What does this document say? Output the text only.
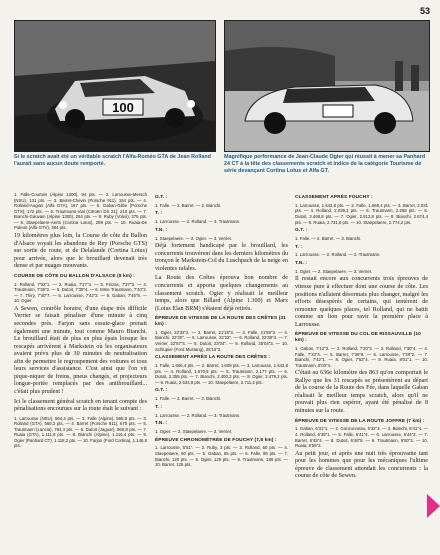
53
100
Si le scratch avait été un véritable scratch l'Alfa-Roméo GTA de Jean Rolland l'aurait sans aucun doute remporté.
Magnifique performance de Jean-Claude Ogier qui réussit à mener sa Panhard 24 CT à la tête des classements scratch et indice de la catégorie Tourisme de série devançant Cortina Lotus et Alfa GT.

1. Falle-Courtois (Alpine 1300), 94 pts. — 2. Larrousse-Mersch (NSU), 131 pts. — 3. Barret-Chevin (Porsche 911), 164 pts. — 4. Rolland-Augias (Alfa GTA), 167 pts. — 5. Gaban-Gilbe (Porsche GTS), 172 pts. — 6. Trautmann-Vial (Citroën DS 21), 210 pts. — 7. Bianchi-Gauvain (Alpine 1300), 264 pts. — 8. Ruby (Volvo), 275 pts. — 9. Staepelaere-Aerts (Cortina Lotus), 299 pts. — 10. Ruaia-De Poleon (Alfa GTV), 384 pts.

19 kilomètres plus loin, la Course de côte du Ballon d'Alsace voyait les abandons de Rey (Porsche GTS) sur sortie de route, et de Delalande (Cortina Lotus) pour arrivée, alors que le brouillard devenait très dense et par nuages mouvants.

COURSE DE CÔTE DU BALLON D'ALSACE (8 km) :

1. Rolland, 7'02"1. — 2. Ruaia, 7'27"4. — 3. Feizas, 7'37"3. — 4. Trautmann, 7'39"2. — 5. Dutoit, 7'39"4. — 6. Mme Trautmann, 7'40"2. — 7. Thiry, 7'40"7. — 8. Larrousse, 7'42"2. — 9. Gaban, 7'45"8. — 10. Ogier.

A Sewen, contrôle horaire, d'une étape très difficile Verrier se faisait pénaliser d'une minute à cinq secondes près. Farjon sans essuie-glace prenait également une minute, tout comme Mauro Bianchi. Le brouillard était de plus en plus épais lorsque les rescapés arrivèrent à Markstein où les organisateurs avaient prévu plus de 30 minutes de neutralisation afin de permettre le regroupement des voitures et tous leurs services d'assistance. C'est ainsi que l'on vit pique-niquer de freins, pneus changés, et projecteurs longue-portée remplacés par des antibrouillard... c'était plus prudent !

Ici le classement général scratch en tenant compte des pénalisations encourues sur la route était le suivant :

1. Larrousse (NSU), 564,4 pts. — 2. Falle (Alpine), 565,8 pts. — 3. Rolland (GTA), 569,2 pts. — 4. Barret (Porsche 911), 670 pts. — 5. Trautmann (Lancia), 784,4 pts. — 6. Dutoit (Jaguar), 960,8 pts. — 7. Ruaia (GTA), 1.111,8 pts. — 8. Bianchi (Alpine), 1.116,4 pts. — 9. Ogier (Panhard CT), 1.118,2 pts. — 10. Farjon (Ford Cortina), 1.146,8 pts.

G.T. :

1. Falle. — 2. Barret. — 3. Bianchi.

T. :

1. Larrousse. — 2. Rolland. — 3. Trautmann.

T.N. :

1. Staepelaere. — 2. Ogier. — 3. Verrier.

Déjà fortement handicapé par le brouillard, les concurrents trouvèrent dans les derniers kilomètres du tronçon le Markstein-Col du Luschpach de la neige en violentes rafales.

La Route des Crêtes éprouva bon nombre de concurrents et apporta quelques changements au classement scratch. Ogier y réalisait le meilleur temps, alors que Billard (Alpine 1.300) et Marx (Lotus Elan BRM) s'étaient déjà retirés.

ÉPREUVE DE VITESSE DE LA ROUTE DES CRÊTES (31 km) :

1. Ogier, 22'32"2. — 2. Barret, 21'18"3. — 3. Falle, 21'59"3. — 4. Bianchi, 22'20". — 5. Larrousse, 22'22". — 6. Rolland, 22'38"4. — 7. Verrier, 22'57"4. — 8. Dutoit, 23'04". — 9. Rolland, 25'04"3. — 10. Schlupier (Ford Mustang), 25'15"3.

CLASSEMENT APRÈS LA ROUTE DES CRÊTES :

1. Falle, 1.606,4 pts. — 2. Barret, 1.608 pts. — 3. Larrousse, 1.642,8 pts. — 4. Rolland, 1.670,8 pts. — 5. Trautmann, 2.177 pts. — 6. Dutoit, 2.355 pts. — 7. Bianchi, 2.400,2 pts. — 8. Ogier, 2.479,2 pts. — 9. Ruaia, 2.534,8 pts. — 10. Staepelaere, 2.711,2 pts.

G.T. :

1. Falle. — 2. Barret. — 3. Bianchi.

T. :

1. Larrousse. — 2. Rolland. — 3. Trautmann.

T.N. :

1. Ogier. — 2. Staepelaere. — 3. Verrier.

ÉPREUVE CHRONOMÉTRÉE DE FOUCHY (7,8 km) :

1. Larrousse, 5'51". — 2. Ruby, 3 pts. — 3. Rolland, 50 pts. — 4. Staepelaere, 60 pts. — 5. Gaban, 65 pts. — 6. Falle, 95 pts. — 7. Bianchi, 120 pts. — 8. Ogier, 125 pts. — 9. Trautmann, 185 pts. — 10. Barret, 125 pts.

CLASSEMENT APRÈS FOUCHY :

1. Larrousse, 1.642,8 pts. — 2. Falle, 1.668,4 pts. — 3. Barret, 2.031 pts. — 4. Rolland, 2.039,2 pts. — 5. Trautmann, 2.268 pts. — 6. Dutoit, 2.468,8 pts. — 7. Ogier, 2.512,8 pts. — 8. Bianchi, 2.674,4 pts. — 9. Ruaia, 2.731,6 pts. — 10. Staepelaere, 2.774,2 pts.

G.T. :

1. Falle. — 2. Barret. — 3. Bianchi.

T. :

1. Larrousse. — 2. Rolland. — 2. Trautmann.

T.N. :

1. Ogier. — 2. Staepelaere. — 3. Verrier.

Il restait encore aux concurrents trois épreuves de vitesse pure à effectuer dont une course de côte. Les positions n'allaient désormais plus changer, malgré les efforts désespérés de certains, qui tentèrent de remonter quelques places, tel Rolland, qui ne battit comme un lion pour ravir la première place à Larrousse.

ÉPREUVE DE VITESSE DU COL DE RISSAUVILLE (10 km) :

1. Gaban, 7'12"3. — 2. Rolland, 7'20"2. — 3. Rolland, 7'30"4. — 4. Falle, 7'33"4. — 5. Barret, 7'36"9. — 6. Larrousse, 7'40"2. — 7. Bianchi, 7'42"1. — 8. Ogier, 7'52"4. — 9. Ruaia, 8'01"1. — 10. Trautmann, 8'03"4.

C'était au 636e kilomètre des 863 qu'on comportait le Rallye que les 31 rescapés se présentèrent au départ de la course de la Route des Fée, dans laquelle Gaban réalisait le meilleur temps scratch, alors qu'il ne pouvait plus rien espérer, ayant été pénalisé de 8 minutes sur la route.

ÉPREUVE DE VITESSE DE LA ROUTE JOFFRE (7 km) :

1. Gaban, 6'31"1. — 2. Gonzonneau, 6'32"3. — 3. Bianchi, 6'41"4. — 4. Rolland, 6'35"1. — 5. Falle, 6'41"4. — 6. Larrousse, 6'44"2. — 7. Barret, 6'45"4. — 8. Dutoit, 6'46"8. — 9. Trautmann, 6'50"4. — 10. Ruaia, 6'55"2.

Au petit jour, et après une nuit très éprouvante tant pour les hommes que pour les mécaniques l'ultime épreuve de classement attendait les concurrents : la course de côte de Sewen.
